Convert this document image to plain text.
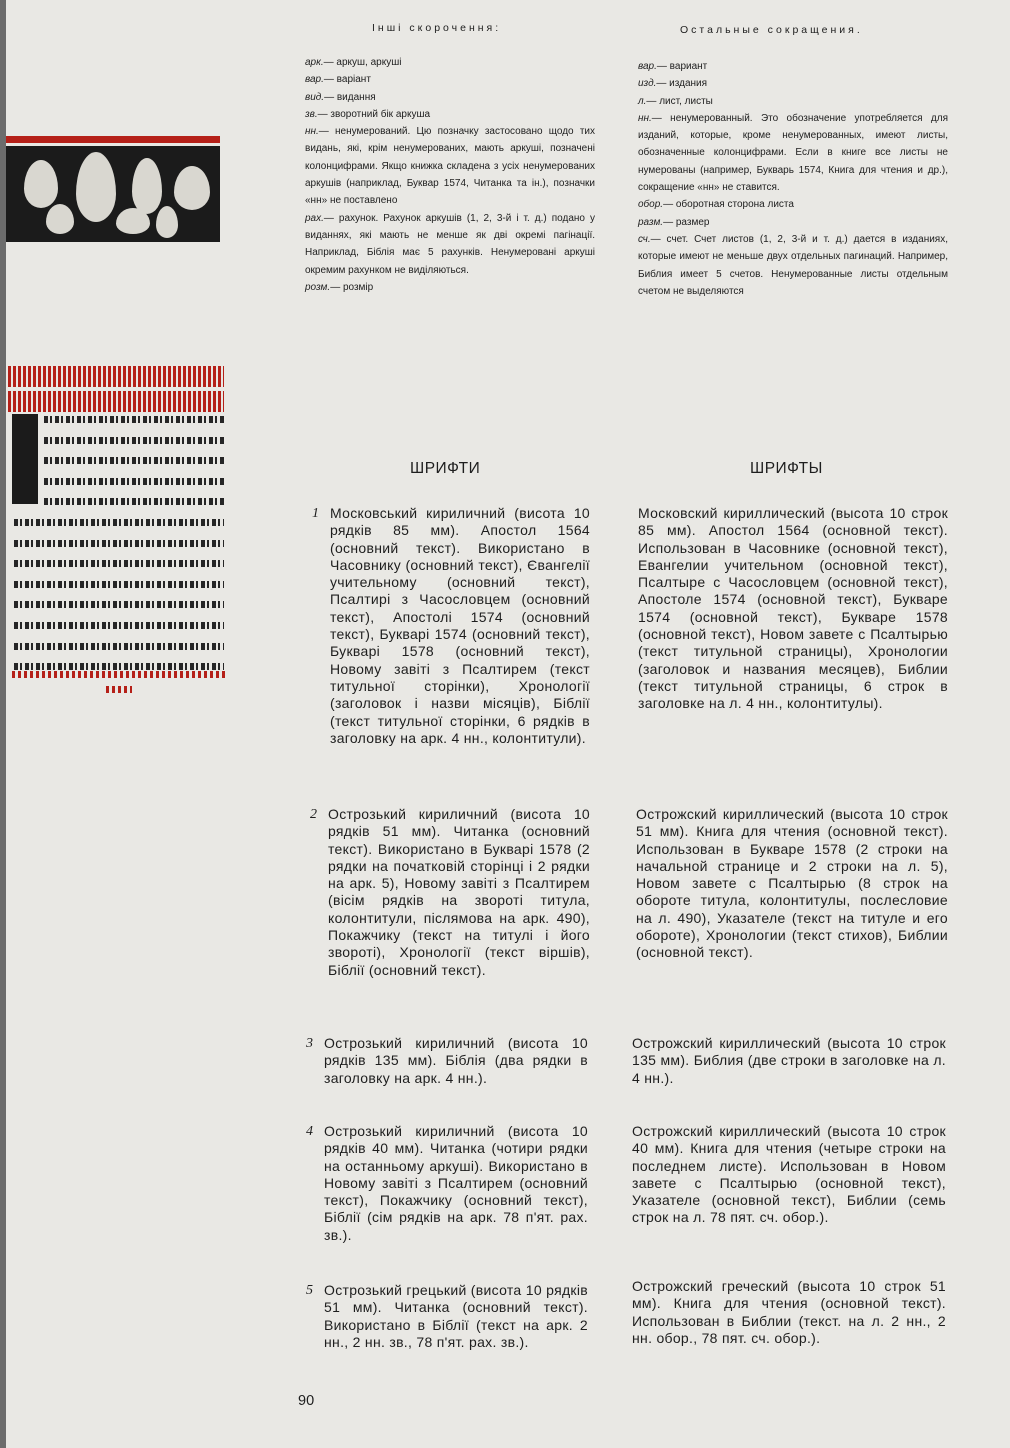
Інші скорочення:

арк.— аркуш, аркуші

вар.— варіант

вид.— видання

зв.— зворотний бік аркуша

нн.— ненумерований. Цю позначку застосовано щодо тих видань, які, крім ненумерованих, мають аркуші, позначені колонцифрами. Якщо книжка складена з усіх ненумерованих аркушів (наприклад, Буквар 1574, Читанка та ін.), позначки «нн» не поставлено

рах.— рахунок. Рахунок аркушів (1, 2, 3-й і т. д.) подано у виданнях, які мають не менше як дві окремі пагінації. Наприклад, Біблія має 5 рахунків. Ненумеровані аркуші окремим рахунком не виділяються.

розм.— розмір

Остальные сокращения.

вар.— вариант

изд.— издания

л.— лист, листы

нн.— ненумерованный. Это обозначение употребляется для изданий, которые, кроме ненумерованных, имеют листы, обозначенные колонцифрами. Если в книге все листы не нумерованы (например, Букварь 1574, Книга для чтения и др.), сокращение «нн» не ставится.

обор.— оборотная сторона листа

разм.— размер

сч.— счет. Счет листов (1, 2, 3-й и т. д.) дается в изданиях, которые имеют не меньше двух отдельных пагинаций. Например, Библия имеет 5 счетов. Ненумерованные листы отдельным счетом не выделяются

ШРИФТИ	ШРИФТЫ
1 Московський кириличний (висота 10 рядків 85 мм). Апостол 1564 (основний текст). Використано в Часовнику (основний текст), Євангелії учительному (основний текст), Псалтирі з Часословцем (основний текст), Апостолі 1574 (основний текст), Букварі 1574 (основний текст), Букварі 1578 (основний текст), Новому завіті з Псалтирем (текст титульної сторінки), Хронології (заголовок і назви місяців), Біблії (текст титульної сторінки, 6 рядків в заголовку на арк. 4 нн., колонтитули).

2 Острозький кириличний (висота 10 рядків 51 мм). Читанка (основний текст). Використано в Букварі 1578 (2 рядки на початковій сторінці і 2 рядки на арк. 5), Новому завіті з Псалтирем (вісім рядків на звороті титула, колонтитули, післямова на арк. 490), Покажчику (текст на титулі і його звороті), Хронології (текст віршів), Біблії (основний текст).

3 Острозький кириличний (висота 10 рядків 135 мм). Біблія (два рядки в заголовку на арк. 4 нн.).

4 Острозький кириличний (висота 10 рядків 40 мм). Читанка (чотири рядки на останньому аркуші). Використано в Новому завіті з Псалтирем (основний текст), Покажчику (основний текст), Біблії (сім рядків на арк. 78 п'ят. рах. зв.).

5 Острозький грецький (висота 10 рядків 51 мм). Читанка (основний текст). Використано в Біблії (текст на арк. 2 нн., 2 нн. зв., 78 п'ят. рах. зв.).

Московский кириллический (высота 10 строк 85 мм). Апостол 1564 (основной текст). Использован в Часовнике (основной текст), Евангелии учительном (основной текст), Псалтыре с Часословцем (основной текст), Апостоле 1574 (основной текст), Букваре 1574 (основной текст), Букваре 1578 (основной текст), Новом завете с Псалтырью (текст титульной страницы), Хронологии (заголовок и названия месяцев), Библии (текст титульной страницы, 6 строк в заголовке на л. 4 нн., колонтитулы).
Острожский кириллический (высота 10 строк 51 мм). Книга для чтения (основной текст). Использован в Букваре 1578 (2 строки на начальной странице и 2 строки на л. 5), Новом завете с Псалтырью (8 строк на обороте титула, колонтитулы, послесловие на л. 490), Указателе (текст на титуле и его обороте), Хронологии (текст стихов), Библии (основной текст).
Острожский кириллический (высота 10 строк 135 мм). Библия (две строки в заголовке на л. 4 нн.).
Острожский кириллический (высота 10 строк 40 мм). Книга для чтения (четыре строки на последнем листе). Использован в Новом завете с Псалтырью (основной текст), Указателе (основной текст), Библии (семь строк на л. 78 пят. сч. обор.).
Острожский греческий (высота 10 строк 51 мм). Книга для чтения (основной текст). Использован в Библии (текст. на л. 2 нн., 2 нн. обор., 78 пят. сч. обор.).
90
